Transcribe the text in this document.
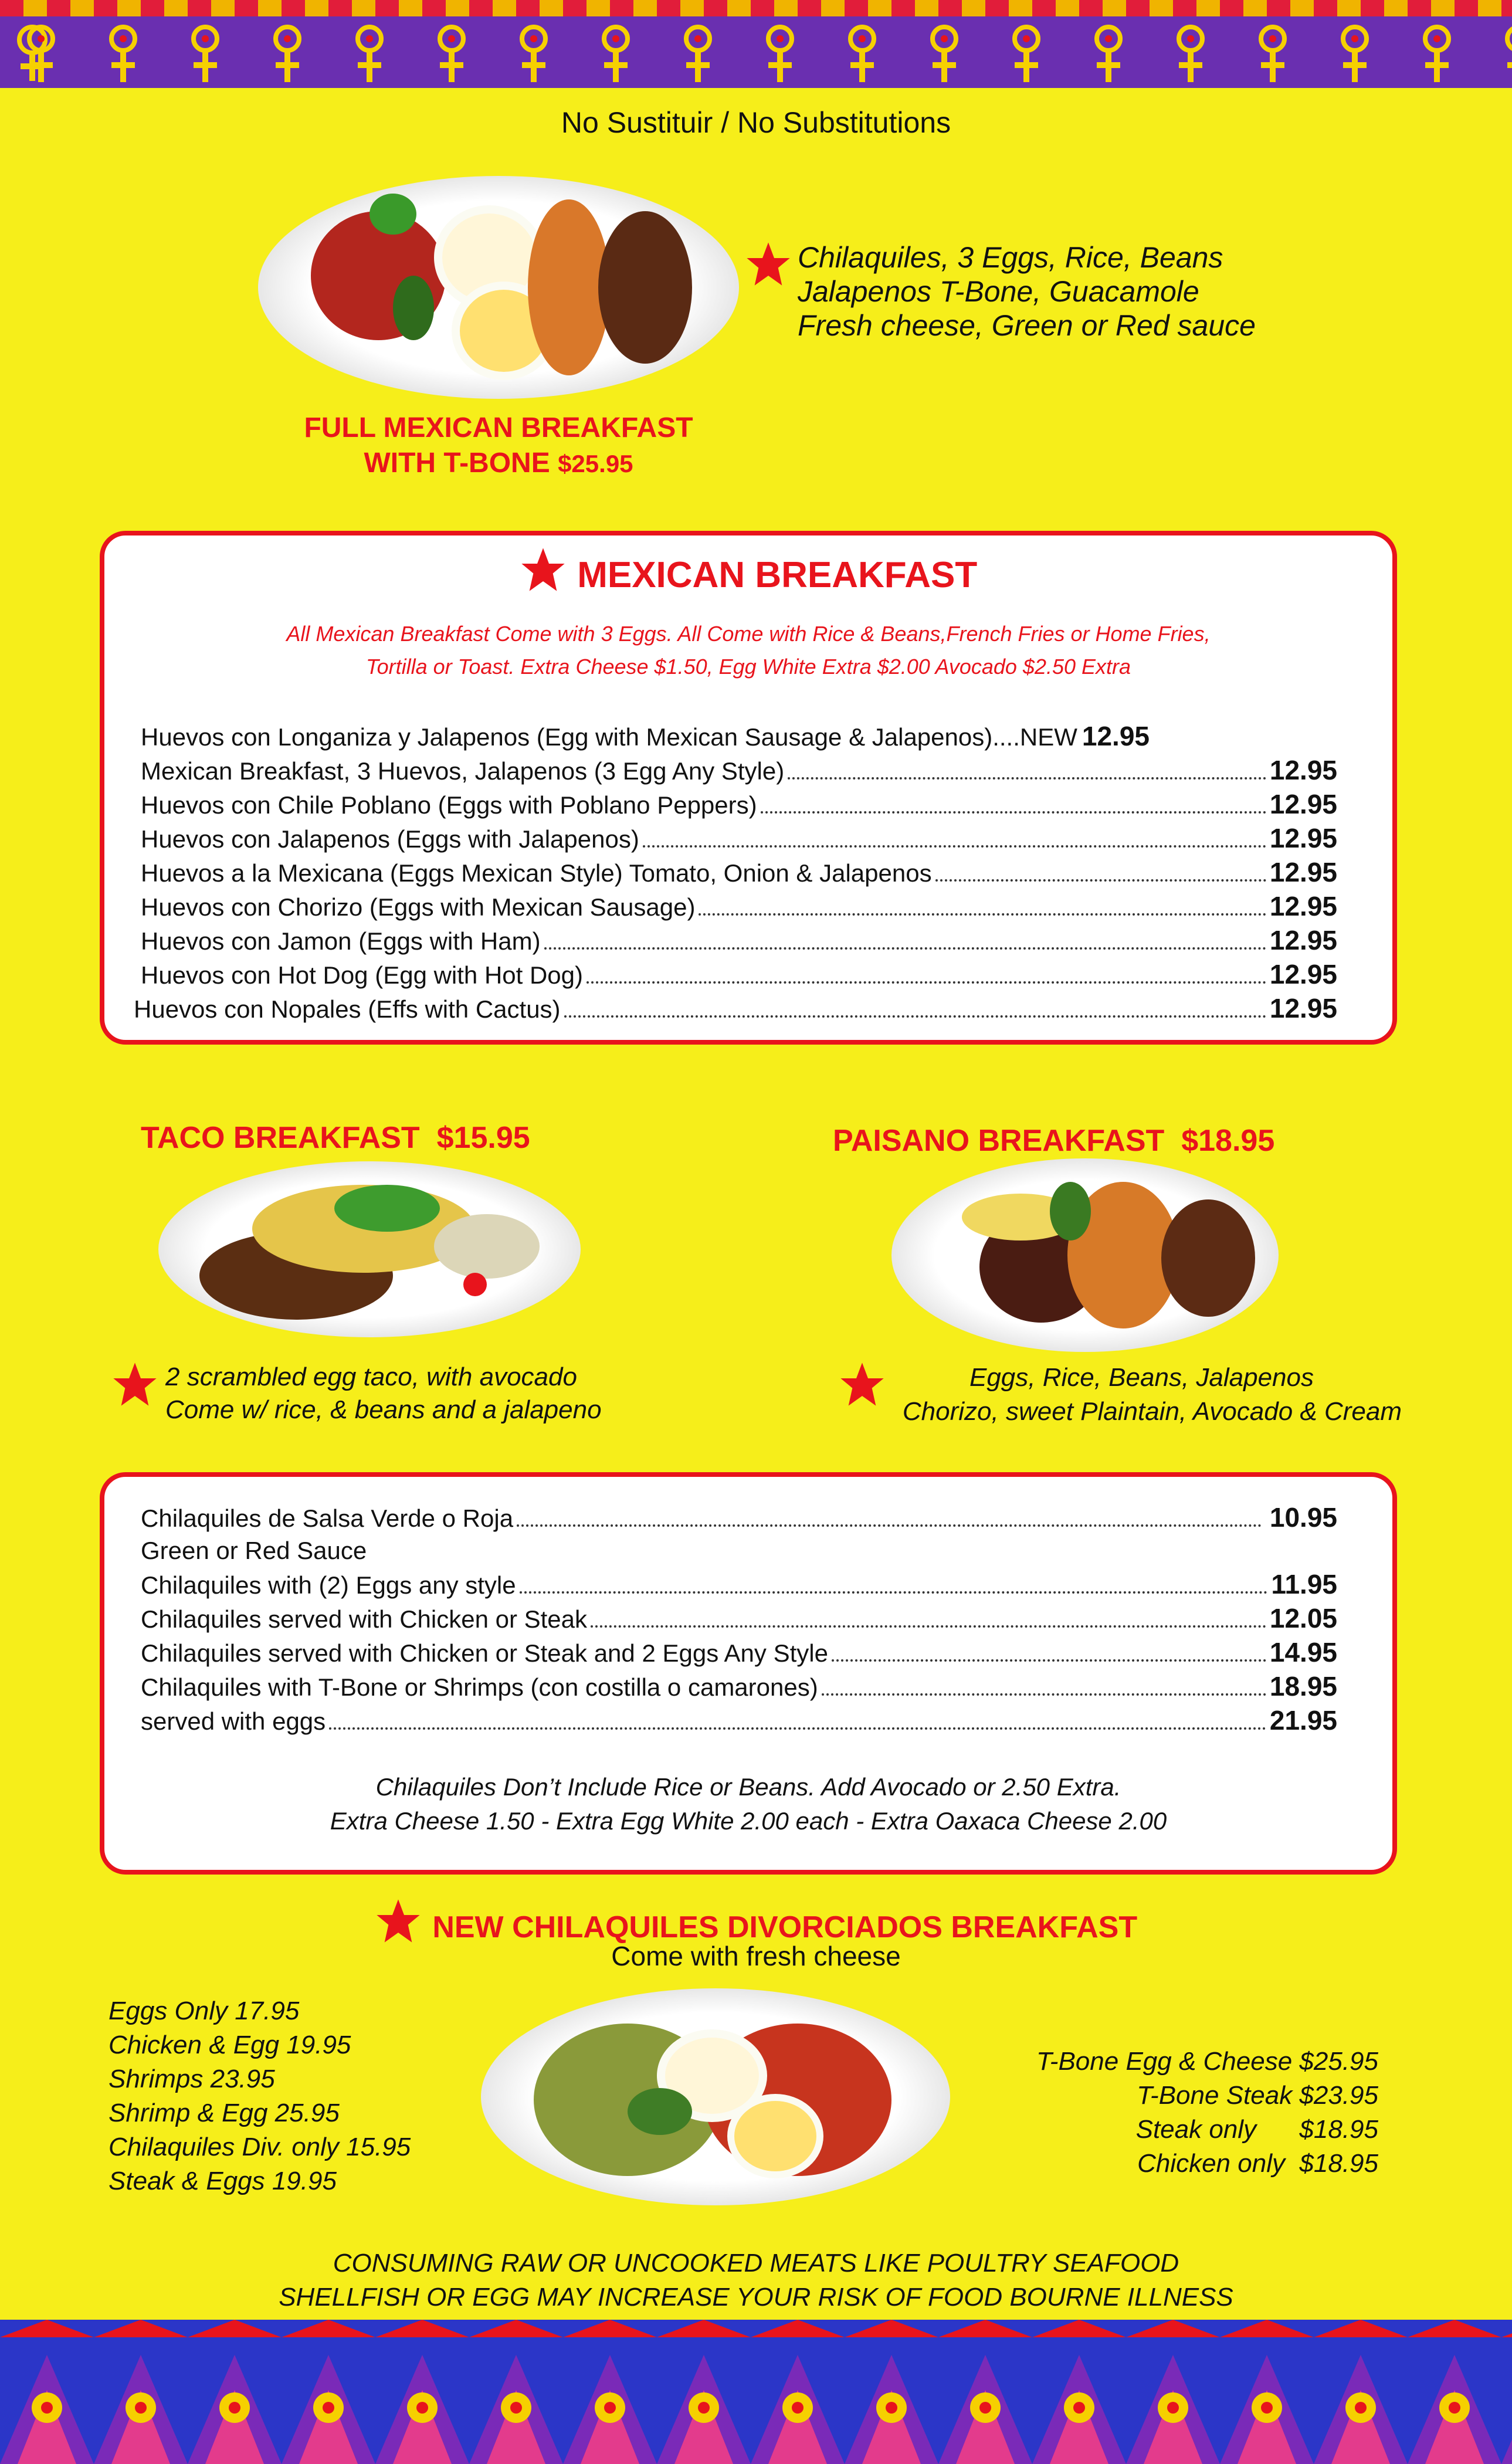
No Sustituir / No Substitutions
Chilaquiles, 3 Eggs, Rice, Beans
Jalapenos T-Bone, Guacamole
Fresh cheese, Green or Red sauce
FULL MEXICAN BREAKFAST
WITH T-BONE $25.95
MEXICAN BREAKFAST
All Mexican Breakfast Come with 3 Eggs. All Come with Rice & Beans,French Fries or Home Fries,
Tortilla or Toast. Extra Cheese $1.50, Egg White Extra $2.00 Avocado $2.50 Extra
Huevos con Longaniza y Jalapenos (Egg with Mexican Sausage & Jalapenos)....NEW 12.95
Mexican Breakfast, 3 Huevos, Jalapenos (3 Egg Any Style)	12.95
Huevos con Chile Poblano (Eggs with Poblano Peppers)	12.95
Huevos con Jalapenos (Eggs with Jalapenos)	12.95
Huevos a la Mexicana (Eggs Mexican Style) Tomato, Onion & Jalapenos	12.95
Huevos con Chorizo (Eggs with Mexican Sausage)	12.95
Huevos con Jamon (Eggs with Ham)	12.95
Huevos con Hot Dog (Egg with Hot Dog)	12.95
Huevos con Nopales (Effs with Cactus)	12.95
TACO BREAKFAST $15.95
2 scrambled egg taco, with avocado
Come w/ rice, & beans and a jalapeno
PAISANO BREAKFAST $18.95
Eggs, Rice, Beans, Jalapenos
Chorizo, sweet Plaintain, Avocado & Cream
Chilaquiles de Salsa Verde o Roja	10.95
Green or Red Sauce
Chilaquiles with (2) Eggs any style	11.95
Chilaquiles served with Chicken or Steak	12.05
Chilaquiles served with Chicken or Steak and 2 Eggs Any Style	14.95
Chilaquiles with T-Bone or Shrimps (con costilla o camarones)	18.95
served with eggs	21.95
Chilaquiles Don’t Include Rice or Beans. Add Avocado or 2.50 Extra.
Extra Cheese 1.50 - Extra Egg White 2.00 each - Extra Oaxaca Cheese 2.00
NEW CHILAQUILES DIVORCIADOS BREAKFAST
Come with fresh cheese
Eggs Only 17.95
Chicken & Egg 19.95
Shrimps 23.95
Shrimp & Egg 25.95
Chilaquiles Div. only 15.95
Steak & Eggs 19.95
T-Bone Egg & Cheese $25.95
T-Bone Steak $23.95
Steak only      $18.95
Chicken only  $18.95
CONSUMING RAW OR UNCOOKED MEATS LIKE POULTRY SEAFOOD
SHELLFISH OR EGG MAY INCREASE YOUR RISK OF FOOD BOURNE ILLNESS
